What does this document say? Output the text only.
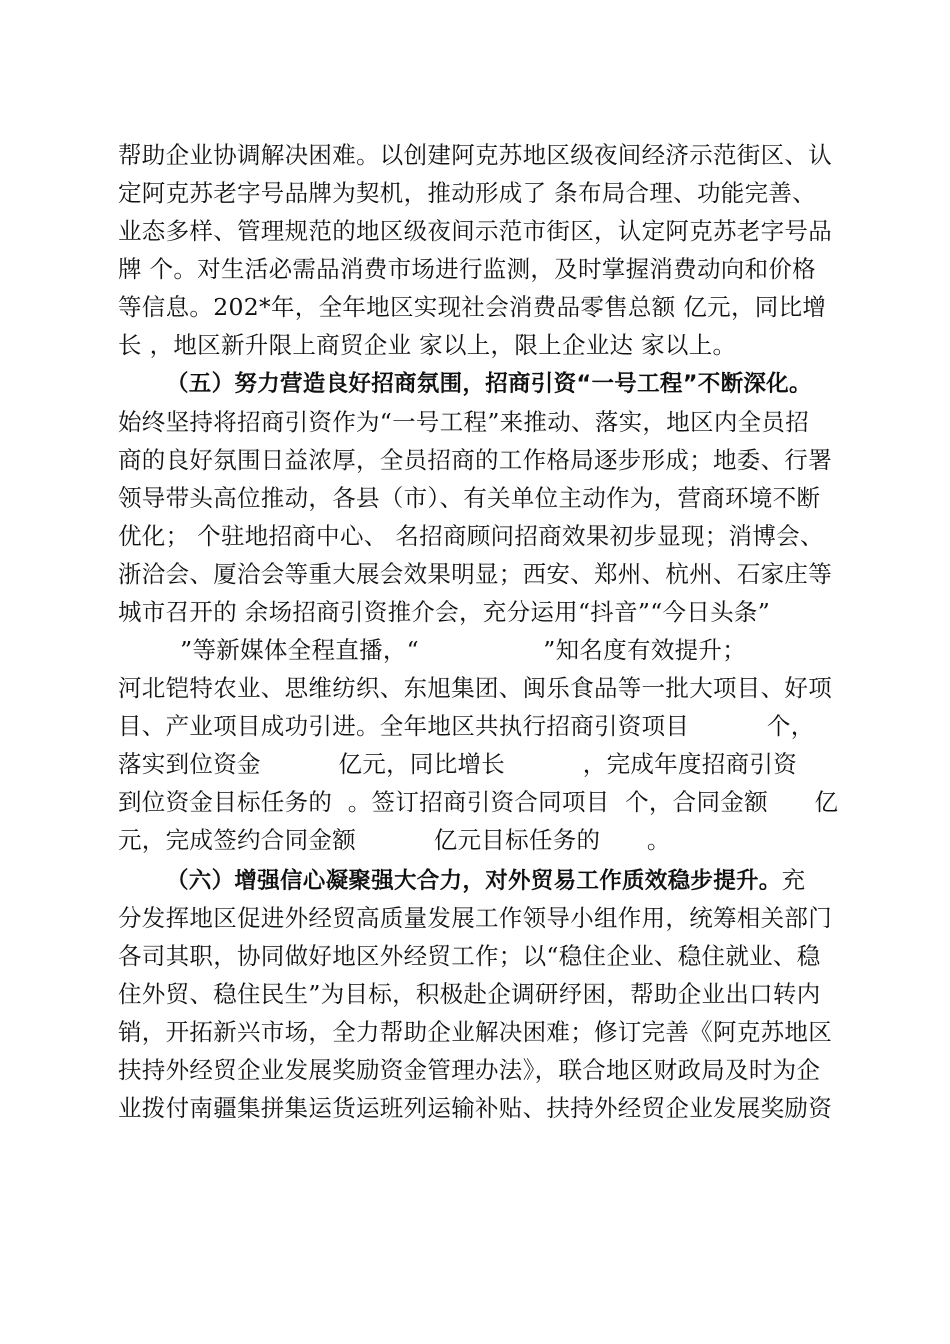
帮助企业协调解决困难。以创建阿克苏地区级夜间经济示范街区、认
定阿克苏老字号品牌为契机，推动形成了 条布局合理、功能完善、
业态多样、管理规范的地区级夜间示范市街区，认定阿克苏老字号品
牌 个。对生活必需品消费市场进行监测，及时掌握消费动向和价格
等信息。202*年，全年地区实现社会消费品零售总额 亿元，同比增
长 ，地区新升限上商贸企业 家以上，限上企业达 家以上。
（五）努力营造良好招商氛围，招商引资“一号工程”不断深化。
始终坚持将招商引资作为“一号工程”来推动、落实，地区内全员招
商的良好氛围日益浓厚，全员招商的工作格局逐步形成；地委、行署
领导带头高位推动，各县（市）、有关单位主动作为，营商环境不断
优化； 个驻地招商中心、 名招商顾问招商效果初步显现；消博会、
浙洽会、厦洽会等重大展会效果明显；西安、郑州、杭州、石家庄等
城市召开的 余场招商引资推介会，充分运用“抖音”“今日头条”
”等新媒体全程直播，“                ”知名度有效提升；
河北铠特农业、思维纺织、东旭集团、闽乐食品等一批大项目、好项
目、产业项目成功引进。全年地区共执行招商引资项目          个，
落实到位资金          亿元，同比增长          ，完成年度招商引资
到位资金目标任务的  。签订招商引资合同项目  个，合同金额      亿
元，完成签约合同金额          亿元目标任务的      。
（六）增强信心凝聚强大合力，对外贸易工作质效稳步提升。充
分发挥地区促进外经贸高质量发展工作领导小组作用，统筹相关部门
各司其职，协同做好地区外经贸工作；以“稳住企业、稳住就业、稳
住外贸、稳住民生”为目标，积极赴企调研纾困，帮助企业出口转内
销，开拓新兴市场，全力帮助企业解决困难；修订完善《阿克苏地区
扶持外经贸企业发展奖励资金管理办法》，联合地区财政局及时为企
业拨付南疆集拼集运货运班列运输补贴、扶持外经贸企业发展奖励资
